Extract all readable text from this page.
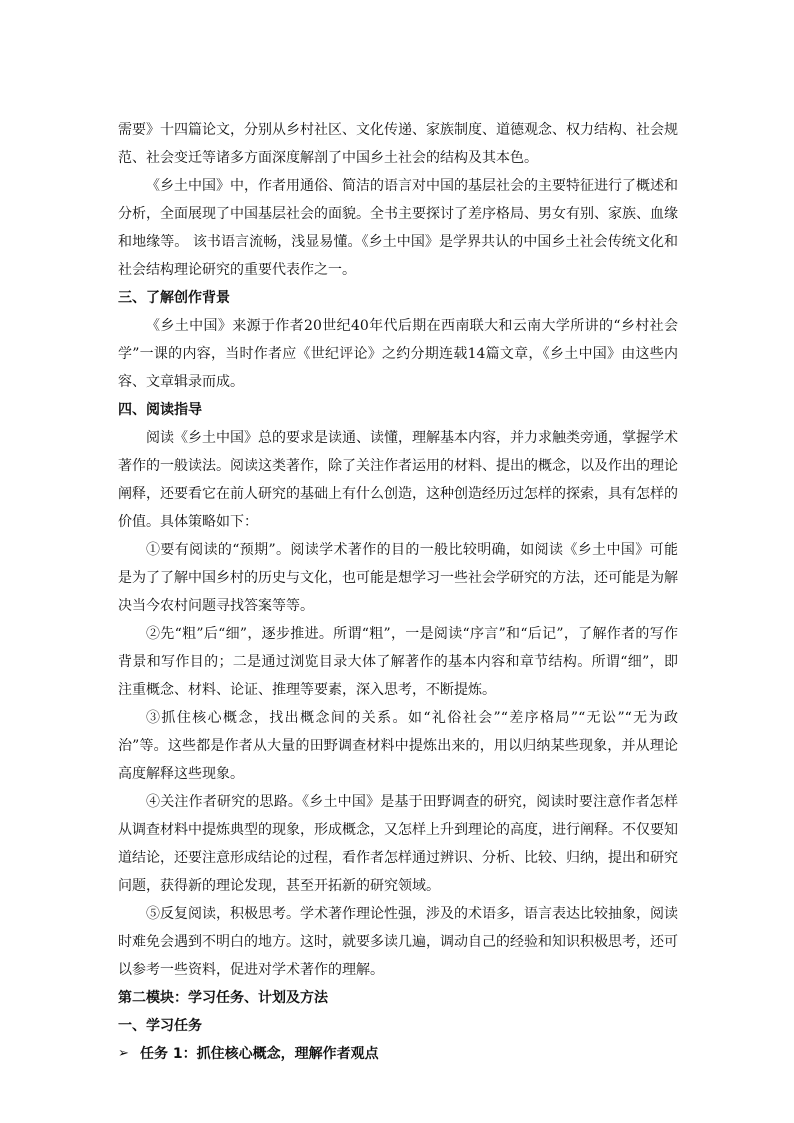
需要》十四篇论文，分别从乡村社区、文化传递、家族制度、道德观念、权力结构、社会规范、社会变迁等诸多方面深度解剖了中国乡土社会的结构及其本色。

《乡土中国》中，作者用通俗、简洁的语言对中国的基层社会的主要特征进行了概述和分析，全面展现了中国基层社会的面貌。全书主要探讨了差序格局、男女有别、家族、血缘和地缘等。 该书语言流畅，浅显易懂。《乡土中国》是学界共认的中国乡土社会传统文化和社会结构理论研究的重要代表作之一。

三、了解创作背景

《乡土中国》来源于作者20世纪40年代后期在西南联大和云南大学所讲的“乡村社会学”一课的内容，当时作者应《世纪评论》之约分期连载14篇文章，《乡土中国》由这些内容、文章辑录而成。

四、阅读指导

阅读《乡土中国》总的要求是读通、读懂，理解基本内容，并力求触类旁通，掌握学术著作的一般读法。阅读这类著作，除了关注作者运用的材料、提出的概念，以及作出的理论阐释，还要看它在前人研究的基础上有什么创造，这种创造经历过怎样的探索，具有怎样的价值。具体策略如下：

①要有阅读的“预期”。阅读学术著作的目的一般比较明确，如阅读《乡土中国》可能是为了了解中国乡村的历史与文化，也可能是想学习一些社会学研究的方法，还可能是为解决当今农村问题寻找答案等等。

②先“粗”后“细”，逐步推进。所谓“粗”，一是阅读“序言”和“后记”，了解作者的写作背景和写作目的；二是通过浏览目录大体了解著作的基本内容和章节结构。所谓“细”，即注重概念、材料、论证、推理等要素，深入思考，不断提炼。

③抓住核心概念，找出概念间的关系。如“礼俗社会”“差序格局”“无讼”“无为政治”等。这些都是作者从大量的田野调查材料中提炼出来的，用以归纳某些现象，并从理论高度解释这些现象。

④关注作者研究的思路。《乡土中国》是基于田野调查的研究，阅读时要注意作者怎样从调查材料中提炼典型的现象，形成概念，又怎样上升到理论的高度，进行阐释。不仅要知道结论，还要注意形成结论的过程，看作者怎样通过辨识、分析、比较、归纳，提出和研究问题，获得新的理论发现，甚至开拓新的研究领域。

⑤反复阅读，积极思考。学术著作理论性强，涉及的术语多，语言表达比较抽象，阅读时难免会遇到不明白的地方。这时，就要多读几遍，调动自己的经验和知识积极思考，还可以参考一些资料，促进对学术著作的理解。

第二模块：学习任务、计划及方法
一、学习任务
➢ 任务 1：抓住核心概念，理解作者观点
